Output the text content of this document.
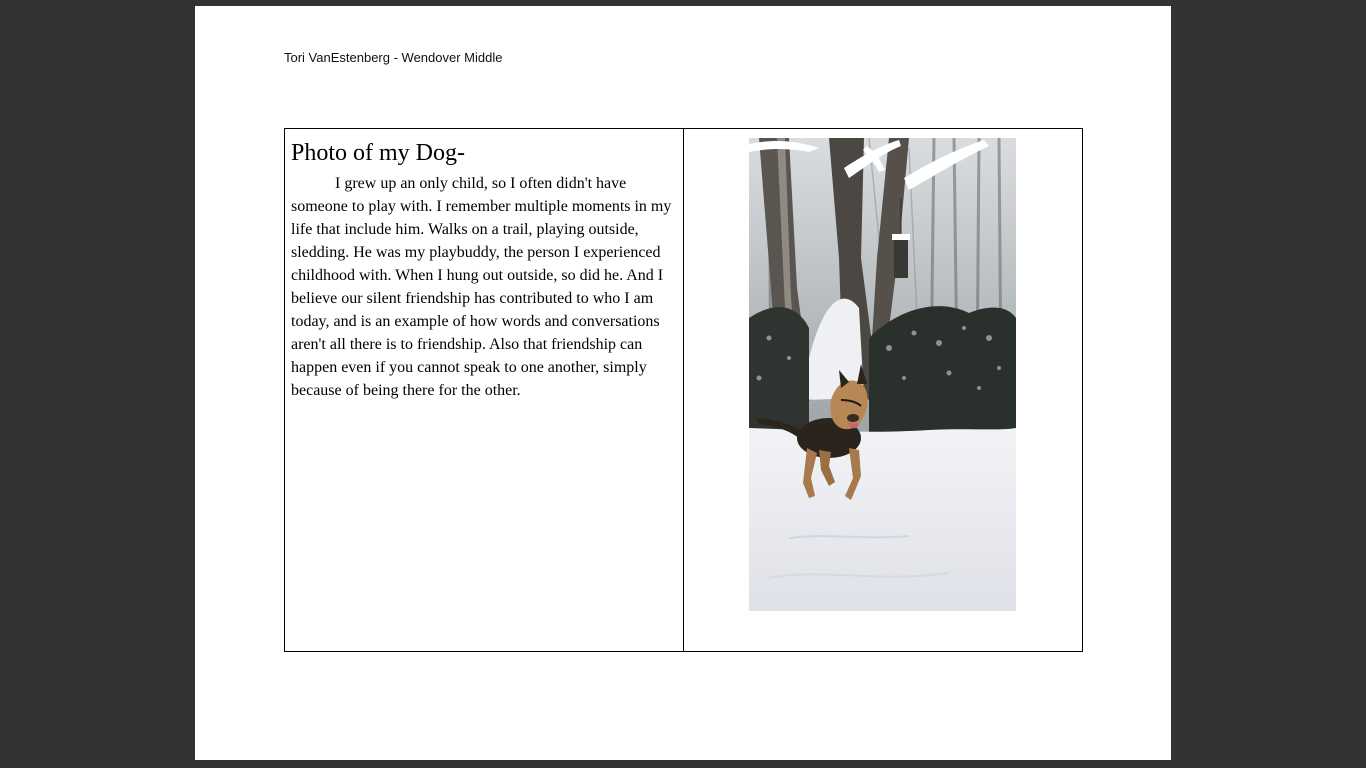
Tori VanEstenberg - Wendover Middle
Photo of my Dog-

I grew up an only child, so I often didn't have someone to play with. I remember multiple moments in my life that include him. Walks on a trail, playing outside, sledding. He was my playbuddy, the person I experienced childhood with. When I hung out outside, so did he. And I believe our silent friendship has contributed to who I am today, and is an example of how words and conversations aren't all there is to friendship. Also that friendship can happen even if you cannot speak to one another, simply because of being there for the other.
